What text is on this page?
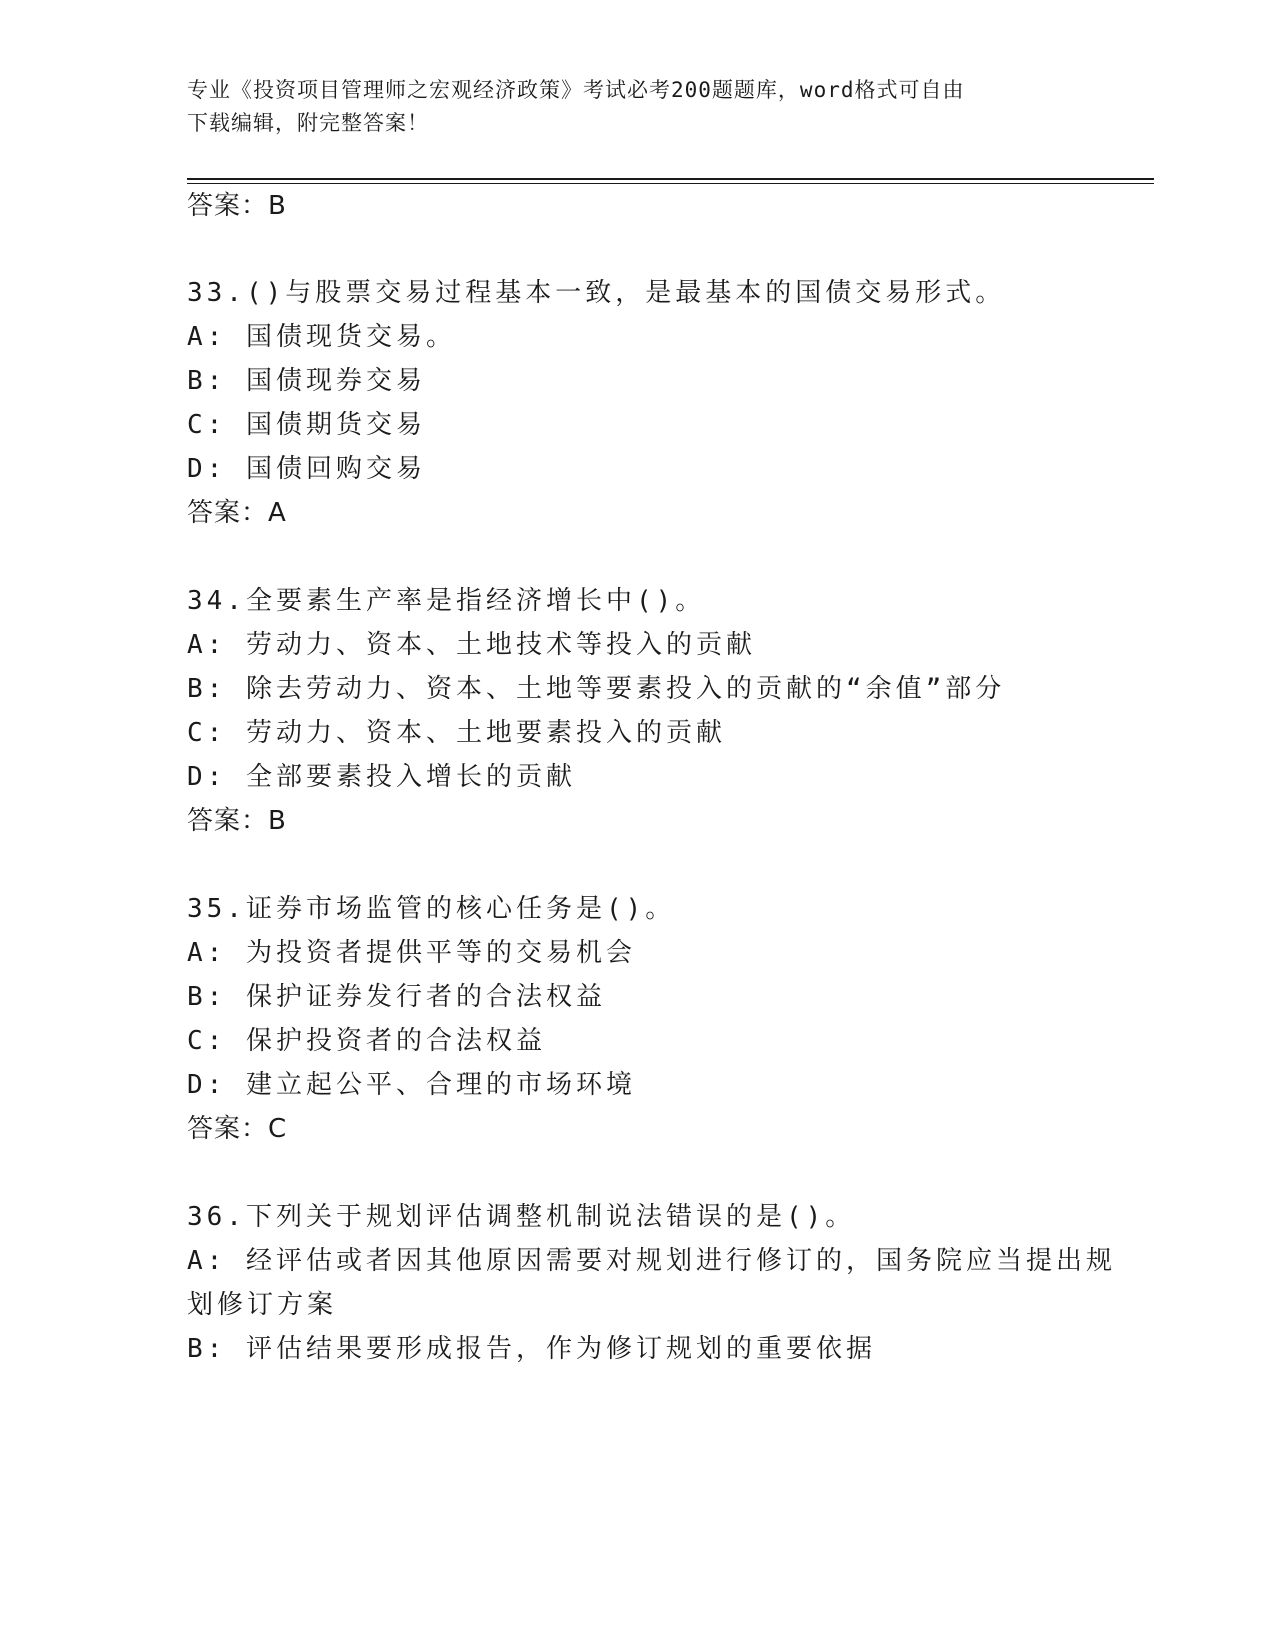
专业《投资项目管理师之宏观经济政策》考试必考200题题库，word格式可自由
下载编辑，附完整答案！
答案：B
33.()与股票交易过程基本一致，是最基本的国债交易形式。
A: 国债现货交易。
B: 国债现券交易
C: 国债期货交易
D: 国债回购交易
答案：A
34.全要素生产率是指经济增长中()。
A: 劳动力、资本、土地技术等投入的贡献
B: 除去劳动力、资本、土地等要素投入的贡献的“余值”部分
C: 劳动力、资本、土地要素投入的贡献
D: 全部要素投入增长的贡献
答案：B
35.证券市场监管的核心任务是()。
A: 为投资者提供平等的交易机会
B: 保护证券发行者的合法权益
C: 保护投资者的合法权益
D: 建立起公平、合理的市场环境
答案：C
36.下列关于规划评估调整机制说法错误的是()。
A: 经评估或者因其他原因需要对规划进行修订的，国务院应当提出规
划修订方案
B: 评估结果要形成报告，作为修订规划的重要依据
